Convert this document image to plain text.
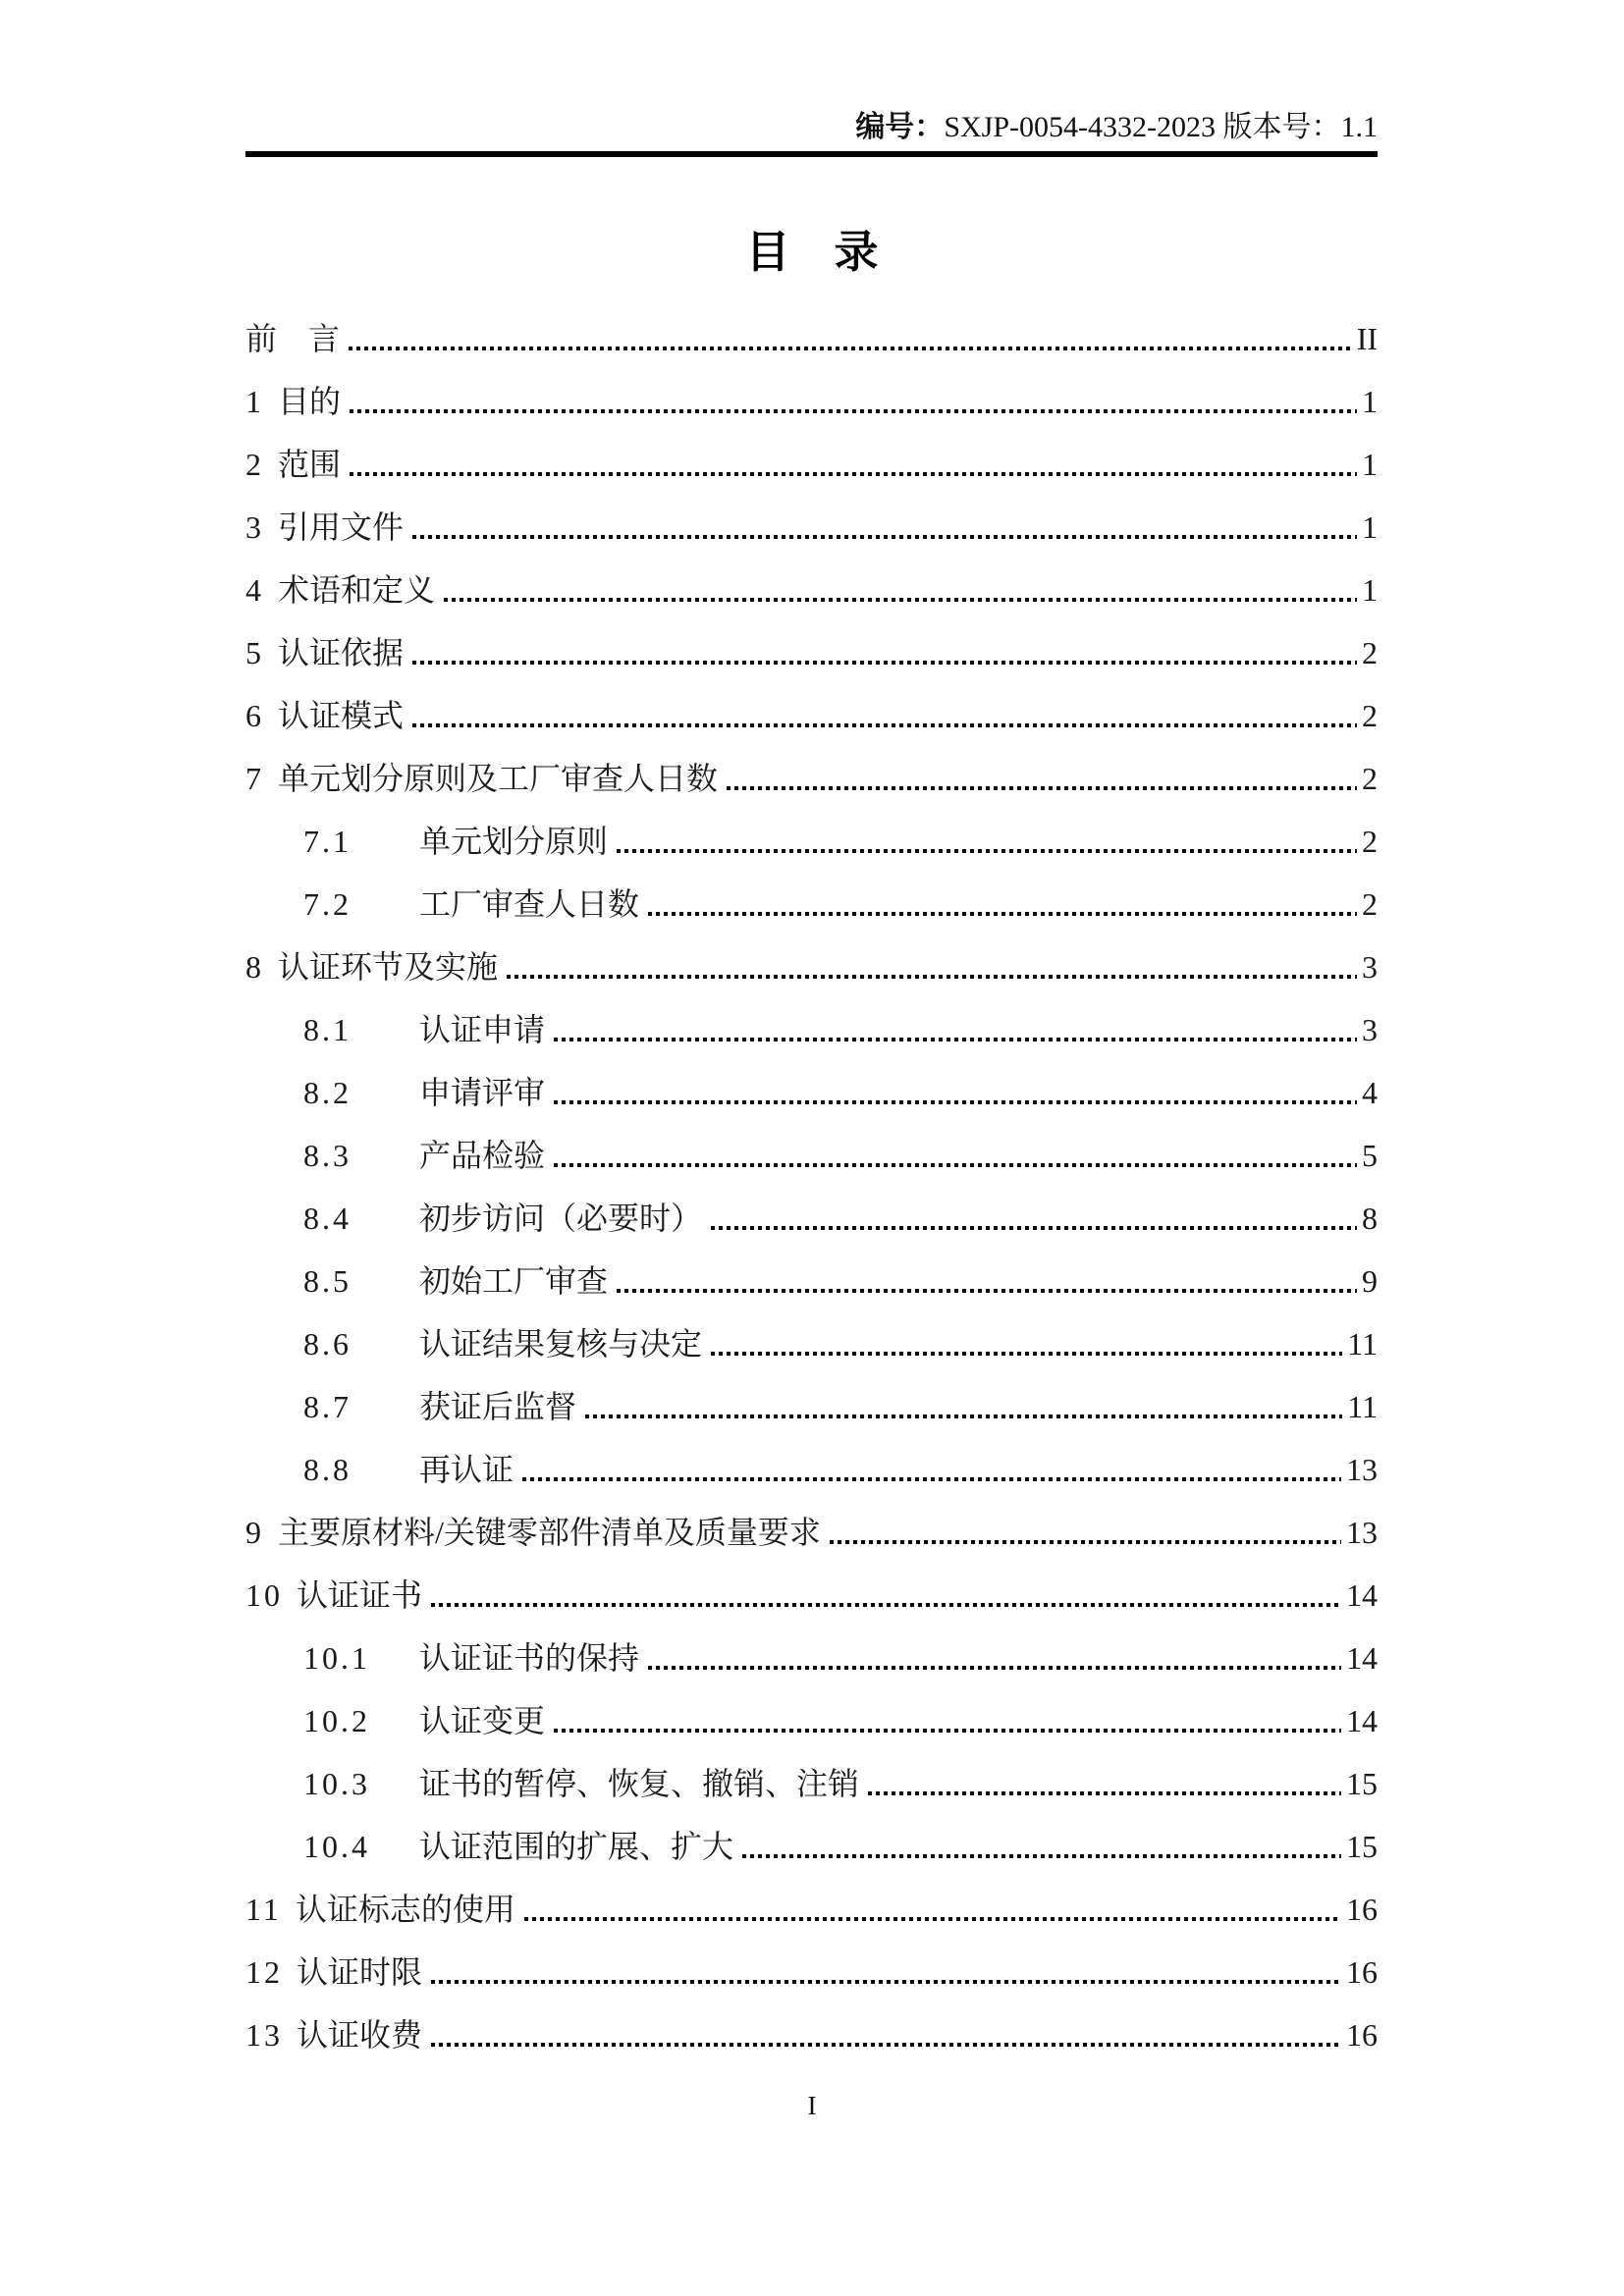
编号：SXJP-0054-4332-2023 版本号：1.1
目　录
前　言	II
1 目的	1
2 范围	1
3 引用文件	1
4 术语和定义	1
5 认证依据	2
6 认证模式	2
7 单元划分原则及工厂审查人日数	2
7.1	单元划分原则	2
7.2	工厂审查人日数	2
8 认证环节及实施	3
8.1	认证申请	3
8.2	申请评审	4
8.3	产品检验	5
8.4	初步访问（必要时）	8
8.5	初始工厂审查	9
8.6	认证结果复核与决定	11
8.7	获证后监督	11
8.8	再认证	13
9 主要原材料/关键零部件清单及质量要求	13
10 认证证书	14
10.1	认证证书的保持	14
10.2	认证变更	14
10.3	证书的暂停、恢复、撤销、注销	15
10.4	认证范围的扩展、扩大	15
11 认证标志的使用	16
12 认证时限	16
13 认证收费	16
I
